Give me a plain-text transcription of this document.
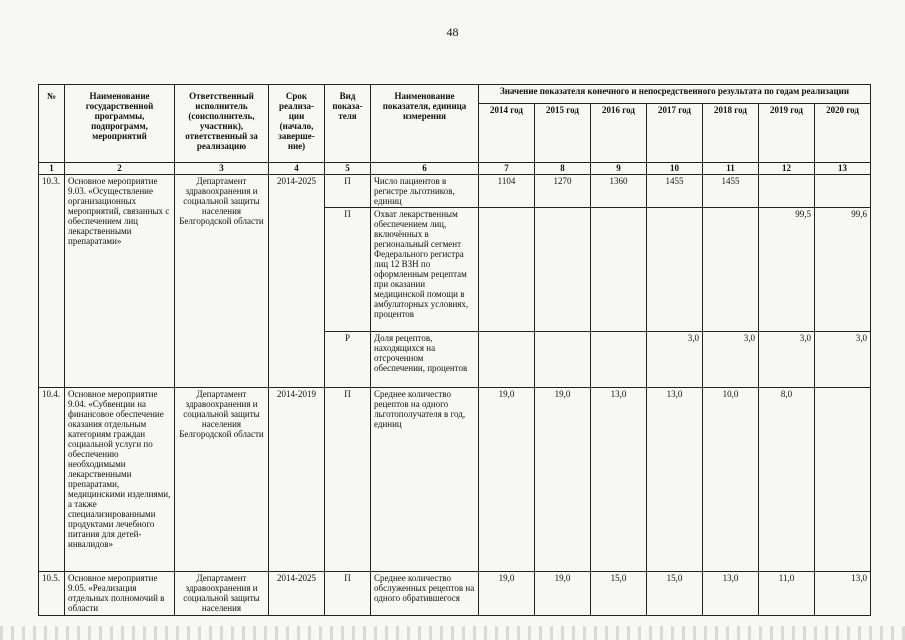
48
№	Наименование государственной программы, подпрограмм, мероприятий	Ответственный исполнитель (соисполнитель, участник), ответственный за реализацию	Срок реализа-ции (начало, заверше-ние)	Вид показа-теля	Наименование показателя, единица измерения	Значение показателя конечного и непосредственного результата по годам реализации						
						2014 год	2015 год	2016 год	2017 год	2018 год	2019 год	2020 год
1	2	3	4	5	6	7	8	9	10	11	12	13
10.3.	Основное мероприятие 9.03. «Осуществление организационных мероприятий, связанных с обеспечением лиц лекарственными препаратами»	Департамент здравоохранения и социальной защиты населения Белгородской области	2014-2025	П	Число пациентов в регистре льготников, единиц	1104	1270	1360	1455	1455		
				П	Охват лекарственным обеспечением лиц, включённых в региональный сегмент Федерального регистра лиц 12 ВЗН по оформленным рецептам при оказании медицинской помощи в амбулаторных условиях, процентов						99,5	99,6
				Р	Доля рецептов, находящихся на отсроченном обеспечении, процентов				3,0	3,0	3,0	3,0
10.4.	Основное мероприятие 9.04. «Субвенции на финансовое обеспечение оказания отдельным категориям граждан социальной услуги по обеспечению необходимыми лекарственными препаратами, медицинскими изделиями, а также специализированными продуктами лечебного питания для детей-инвалидов»	Департамент здравоохранения и социальной защиты населения Белгородской области	2014-2019	П	Среднее количество рецептов на одного льготополучателя в год, единиц	19,0	19,0	13,0	13,0	10,0	8,0	
10.5.	Основное мероприятие 9.05. «Реализация отдельных полномочий в области	Департамент здравоохранения и социальной защиты населения	2014-2025	П	Среднее количество обслуженных рецептов на одного обратившегося	19,0	19,0	15,0	15,0	13,0	11,0	13,0
